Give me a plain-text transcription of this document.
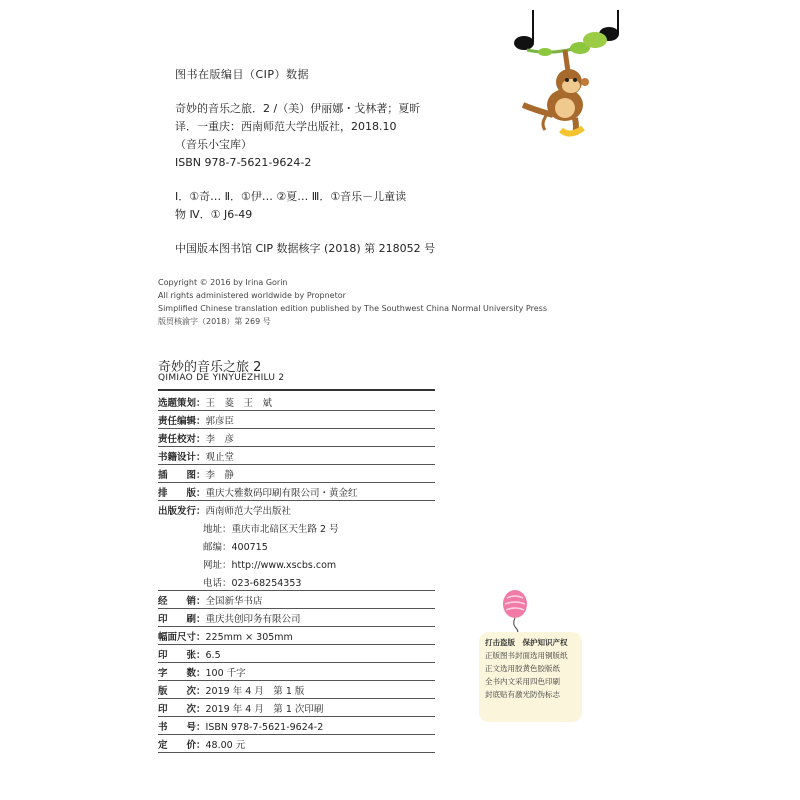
图书在版编目（CIP）数据
奇妙的音乐之旅．2 /（美）伊丽娜・戈林著；夏昕
译．一重庆：西南师范大学出版社，2018.10
（音乐小宝库）
ISBN 978-7-5621-9624-2
Ⅰ．①奇… Ⅱ．①伊… ②夏… Ⅲ．①音乐－儿童读
物 Ⅳ．① J6-49
中国版本图书馆 CIP 数据核字 (2018) 第 218052 号
Copyright © 2016 by Irina Gorin
All rights administered worldwide by Propnetor
Simplified Chinese translation edition published by The Southwest China Normal University Press
版贸核渝字（2018）第 269 号
奇妙的音乐之旅 2
QIMIAO DE YINYUEZHILU 2
选题策划：王　菱　王　斌
责任编辑：郭彦臣
责任校对：李　彦
书籍设计：观止堂
插　　图：李　静
排　　版：重庆大雅数码印刷有限公司・黄金红
出版发行：西南师范大学出版社
地址：重庆市北碚区天生路 2 号
邮编：400715
网址：http://www.xscbs.com
电话：023-68254353
经　　销：全国新华书店
印　　刷：重庆共创印务有限公司
幅面尺寸：225mm × 305mm
印　　张：6.5
字　　数：100 千字
版　　次：2019 年 4 月　第 1 版
印　　次：2019 年 4 月　第 1 次印刷
书　　号：ISBN 978-7-5621-9624-2
定　　价：48.00 元
打击盗版　保护知识产权
正版图书封面选用铜版纸
正文选用胶黄色胶版纸
全书内文采用四色印刷
封底贴有激光防伪标志
